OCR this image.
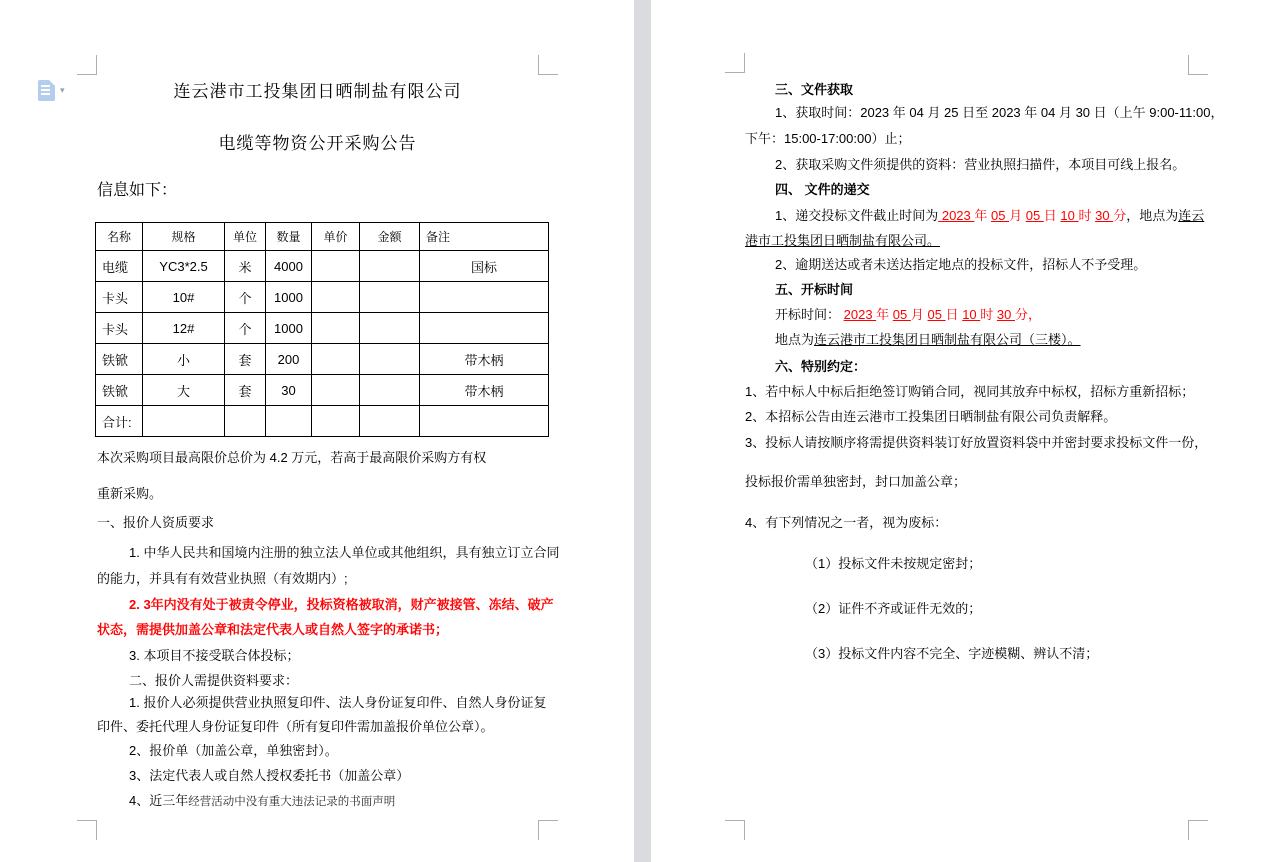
▾	连云港市工投集团日晒制盐有限公司
电缆等物资公开采购公告
信息如下：
名称	规格	单位	数量	单价	金额	备注
电缆	YC3*2.5	米	4000			国标
卡头	10#	个	1000			
卡头	12#	个	1000			
铁锨	小	套	200			带木柄
铁锨	大	套	30			带木柄
合计:						
本次采购项目最高限价总价为 4.2 万元，若高于最高限价采购方有权
重新采购。
一、报价人资质要求
1. 中华人民共和国境内注册的独立法人单位或其他组织，具有独立订立合同
的能力，并具有有效营业执照（有效期内）;
2. 3年内没有处于被责令停业，投标资格被取消，财产被接管、冻结、破产
状态，需提供加盖公章和法定代表人或自然人签字的承诺书；
3. 本项目不接受联合体投标；
二、报价人需提供资料要求：
1. 报价人必须提供营业执照复印件、法人身份证复印件、自然人身份证复
印件、委托代理人身份证复印件（所有复印件需加盖报价单位公章）。
2、报价单（加盖公章，单独密封）。
3、法定代表人或自然人授权委托书（加盖公章）
4、近三年经营活动中没有重大违法记录的书面声明
三、文件获取
1、获取时间：2023 年 04 月 25 日至 2023 年 04 月 30 日（上午 9:00-11:00，
下午：15:00-17:00:00）止；
2、获取采购文件须提供的资料：营业执照扫描件，本项目可线上报名。
四、 文件的递交
1、递交投标文件截止时间为 2023 年 05 月 05 日 10 时 30 分，地点为连云
港市工投集团日晒制盐有限公司。
2、逾期送达或者未送达指定地点的投标文件，招标人不予受理。
五、开标时间
开标时间： 2023 年 05 月 05 日 10 时 30 分，
地点为连云港市工投集团日晒制盐有限公司（三楼）。
六、特别约定：
1、若中标人中标后拒绝签订购销合同，视同其放弃中标权，招标方重新招标；
2、本招标公告由连云港市工投集团日晒制盐有限公司负责解释。
3、投标人请按顺序将需提供资料装订好放置资料袋中并密封要求投标文件一份，
投标报价需单独密封，封口加盖公章；
4、有下列情况之一者，视为废标：
（1）投标文件未按规定密封；
（2）证件不齐或证件无效的；
（3）投标文件内容不完全、字迹模糊、辨认不清；
